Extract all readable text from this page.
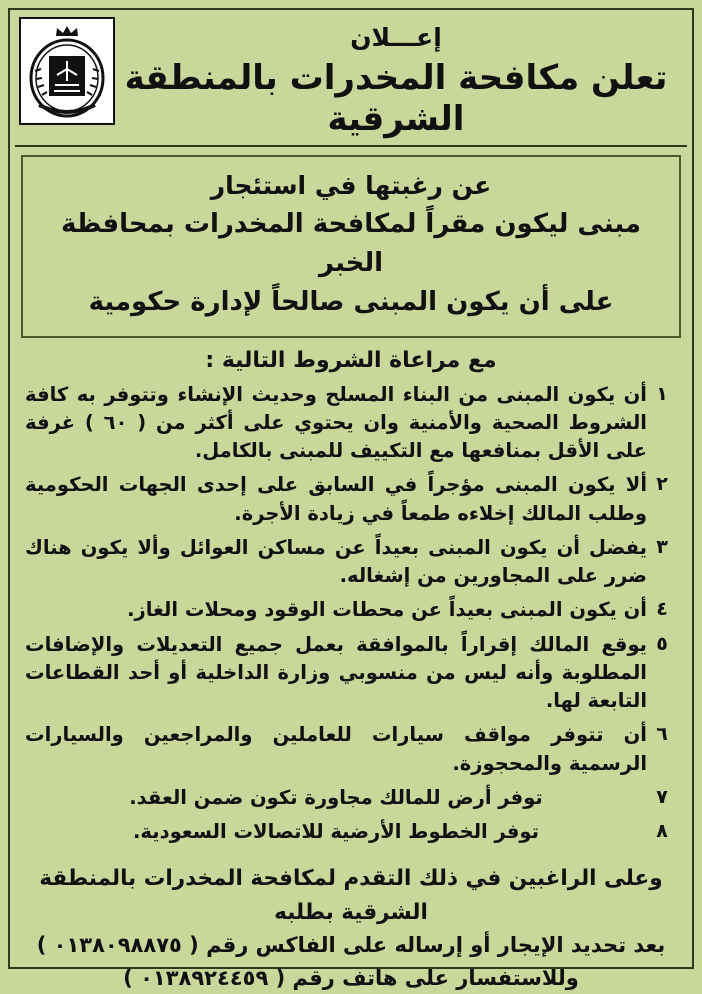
إعـــلان
تعلن مكافحة المخدرات بالمنطقة الشرقية
عن رغبتها في استئجار
مبنى ليكون مقراً لمكافحة المخدرات بمحافظة الخبر
على أن يكون المبنى صالحاً لإدارة حكومية
مع مراعاة الشروط التالية :
١
أن يكون المبنى من البناء المسلح وحديث الإنشاء وتتوفر به كافة الشروط الصحية والأمنية وان يحتوي على أكثر من ( ٦٠ ) غرفة على الأقل بمنافعها مع التكييف للمبنى بالكامل.
٢
ألا يكون المبنى مؤجراً في السابق على إحدى الجهات الحكومية وطلب المالك إخلاءه طمعاً في زيادة الأجرة.
٣
يفضل أن يكون المبنى بعيداً عن مساكن العوائل وألا يكون هناك ضرر على المجاورين من إشغاله.
٤
أن يكون المبنى بعيداً عن محطات الوقود ومحلات الغاز.
٥
يوقع المالك إقراراً بالموافقة بعمل جميع التعديلات والإضافات المطلوبة وأنه ليس من منسوبي وزارة الداخلية أو أحد القطاعات التابعة لها.
٦
أن تتوفر مواقف سيارات للعاملين والمراجعين والسيارات الرسمية والمحجوزة.
٧
توفر أرض للمالك مجاورة تكون ضمن العقد.
٨
توفر الخطوط الأرضية للاتصالات السعودية.
وعلى الراغبين في ذلك التقدم لمكافحة المخدرات بالمنطقة الشرقية بطلبه
بعد تحديد الإيجار أو إرساله على الفاكس رقم ( ٠١٣٨٠٩٨٨٧٥ )
وللاستفسار على هاتف رقم ( ٠١٣٨٩٢٤٤٥٩ )
